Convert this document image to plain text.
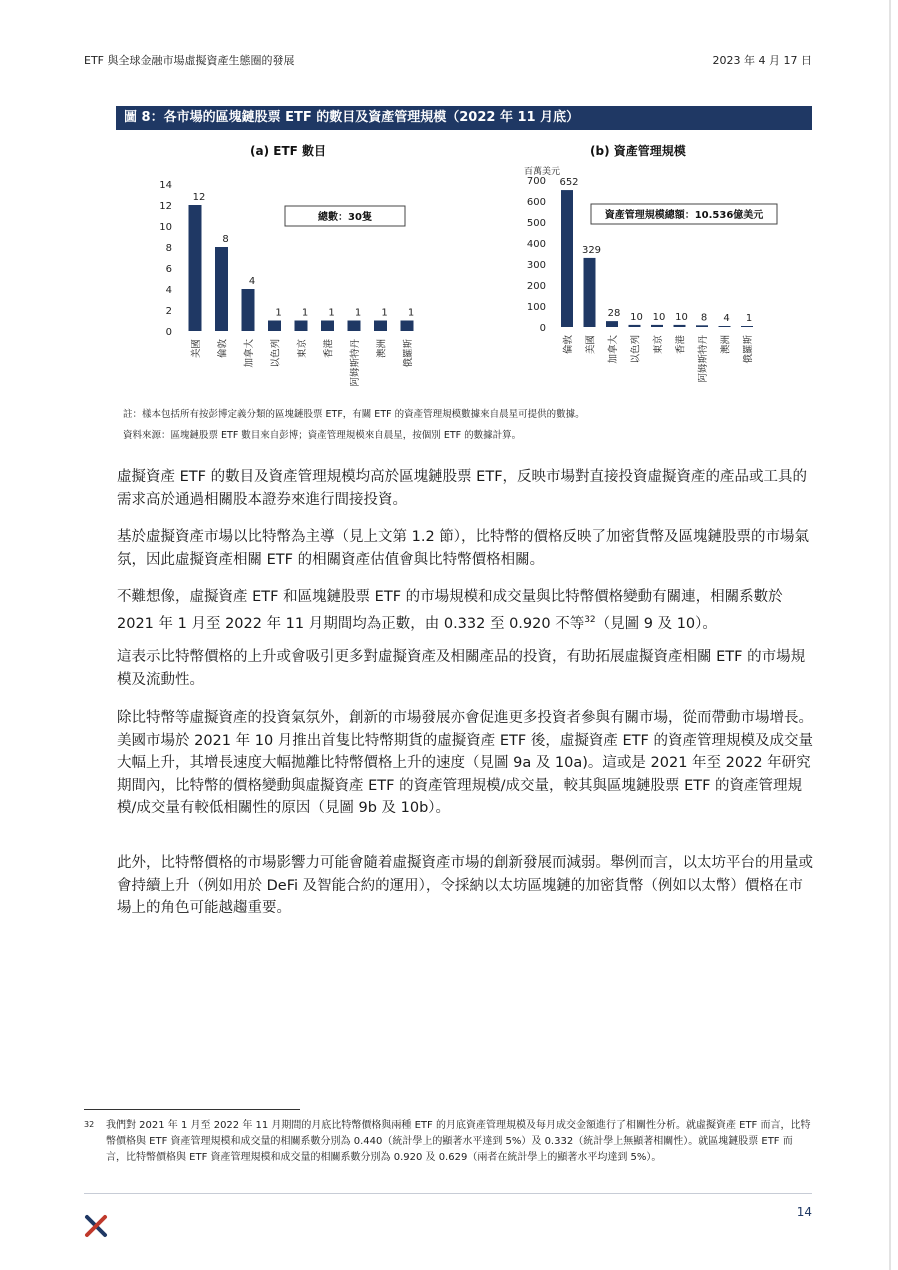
ETF 與全球金融市場虛擬資產生態圈的發展	2023 年 4 月 17 日
圖 8：各市場的區塊鏈股票 ETF 的數目及資產管理規模（2022 年 11 月底）
(a) ETF 數目	(b) 資產管理規模
0
2
4
6
8
10
12
14
12
美國
8
倫敦
4
加拿大
1
以色列
1
東京
1
香港
1
阿姆斯特丹
1
澳洲
1
俄羅斯
總數：30隻
0
100
200
300
400
500
600
700
百萬美元
652
倫敦
329
美國
28
加拿大
10
以色列
10
東京
10
香港
8
阿姆斯特丹
4
澳洲
1
俄羅斯
資產管理規模總額：10.536億美元
註：樣本包括所有按彭博定義分類的區塊鏈股票 ETF，有關 ETF 的資產管理規模數據來自晨星可提供的數據。
資料來源：區塊鏈股票 ETF 數目來自彭博；資產管理規模來自晨星，按個別 ETF 的數據計算。

虛擬資產 ETF 的數目及資產管理規模均高於區塊鏈股票 ETF，反映市場對直接投資虛擬資產的產品或工具的需求高於通過相關股本證券來進行間接投資。

基於虛擬資產市場以比特幣為主導（見上文第 1.2 節），比特幣的價格反映了加密貨幣及區塊鏈股票的市場氣氛，因此虛擬資產相關 ETF 的相關資產估值會與比特幣價格相關。

不難想像，虛擬資產 ETF 和區塊鏈股票 ETF 的市場規模和成交量與比特幣價格變動有關連，相關系數於 2021 年 1 月至 2022 年 11 月期間均為正數，由 0.332 至 0.920 不等$^{32}$（見圖 9 及 10）。

這表示比特幣價格的上升或會吸引更多對虛擬資產及相關產品的投資，有助拓展虛擬資產相關 ETF 的市場規模及流動性。

除比特幣等虛擬資產的投資氣氛外，創新的市場發展亦會促進更多投資者參與有關市場，從而帶動市場增長。美國市場於 2021 年 10 月推出首隻比特幣期貨的虛擬資產 ETF 後，虛擬資產 ETF 的資產管理規模及成交量大幅上升，其增長速度大幅拋離比特幣價格上升的速度（見圖 9a 及 10a)。這或是 2021 年至 2022 年研究期間內，比特幣的價格變動與虛擬資產 ETF 的資產管理規模/成交量，較其與區塊鏈股票 ETF 的資產管理規模/成交量有較低相關性的原因（見圖 9b 及 10b）。

此外，比特幣價格的市場影響力可能會隨着虛擬資產市場的創新發展而減弱。舉例而言，以太坊平台的用量或會持續上升（例如用於 DeFi 及智能合約的運用），令採納以太坊區塊鏈的加密貨幣（例如以太幣）價格在市場上的角色可能越趨重要。

32 我們對 2021 年 1 月至 2022 年 11 月期間的月底比特幣價格與兩種 ETF 的月底資產管理規模及每月成交金額進行了相關性分析。就虛擬資產 ETF 而言，比特幣價格與 ETF 資產管理規模和成交量的相關系數分別為 0.440（統計學上的顯著水平達到 5%）及 0.332（統計學上無顯著相關性）。就區塊鏈股票 ETF 而言，比特幣價格與 ETF 資產管理規模和成交量的相關系數分別為 0.920 及 0.629（兩者在統計學上的顯著水平均達到 5%）。

14
